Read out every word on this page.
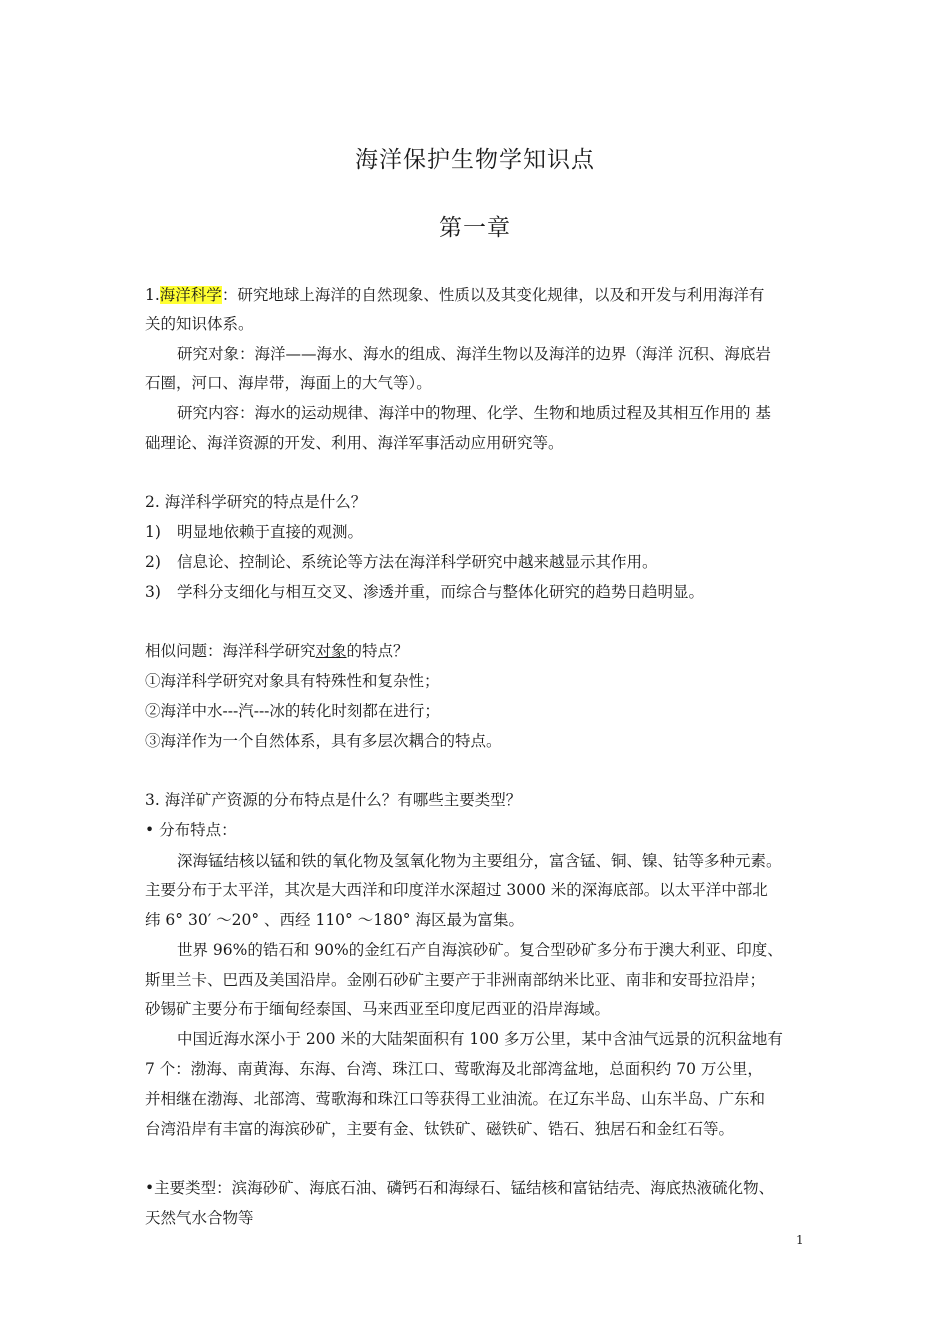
海洋保护生物学知识点
第一章
1.海洋科学：研究地球上海洋的自然现象、性质以及其变化规律，以及和开发与利用海洋有
关的知识体系。
研究对象：海洋——海水、海水的组成、海洋生物以及海洋的边界（海洋 沉积、海底岩
石圈，河口、海岸带，海面上的大气等）。
研究内容：海水的运动规律、海洋中的物理、化学、生物和地质过程及其相互作用的 基
础理论、海洋资源的开发、利用、海洋军事活动应用研究等。
2. 海洋科学研究的特点是什么？
1) 明显地依赖于直接的观测。
2) 信息论、控制论、系统论等方法在海洋科学研究中越来越显示其作用。
3) 学科分支细化与相互交叉、渗透并重，而综合与整体化研究的趋势日趋明显。
相似问题：海洋科学研究对象的特点？
①海洋科学研究对象具有特殊性和复杂性；
②海洋中水---汽---冰的转化时刻都在进行；
③海洋作为一个自然体系，具有多层次耦合的特点。
3. 海洋矿产资源的分布特点是什么？有哪些主要类型？
• 分布特点：
深海锰结核以锰和铁的氧化物及氢氧化物为主要组分，富含锰、铜、镍、钴等多种元素。
主要分布于太平洋，其次是大西洋和印度洋水深超过 3000 米的深海底部。以太平洋中部北
纬 6° 30′ ～20° 、西经 110° ～180° 海区最为富集。
世界 96%的锆石和 90%的金红石产自海滨砂矿。复合型砂矿多分布于澳大利亚、印度、
斯里兰卡、巴西及美国沿岸。金刚石砂矿主要产于非洲南部纳米比亚、南非和安哥拉沿岸；
砂锡矿主要分布于缅甸经泰国、马来西亚至印度尼西亚的沿岸海域。
中国近海水深小于 200 米的大陆架面积有 100 多万公里，某中含油气远景的沉积盆地有
7 个：渤海、南黄海、东海、台湾、珠江口、莺歌海及北部湾盆地，总面积约 70 万公里，
并相继在渤海、北部湾、莺歌海和珠江口等获得工业油流。在辽东半岛、山东半岛、广东和
台湾沿岸有丰富的海滨砂矿，主要有金、钛铁矿、磁铁矿、锆石、独居石和金红石等。
•主要类型：滨海砂矿、海底石油、磷钙石和海绿石、锰结核和富钴结壳、海底热液硫化物、
天然气水合物等
1
